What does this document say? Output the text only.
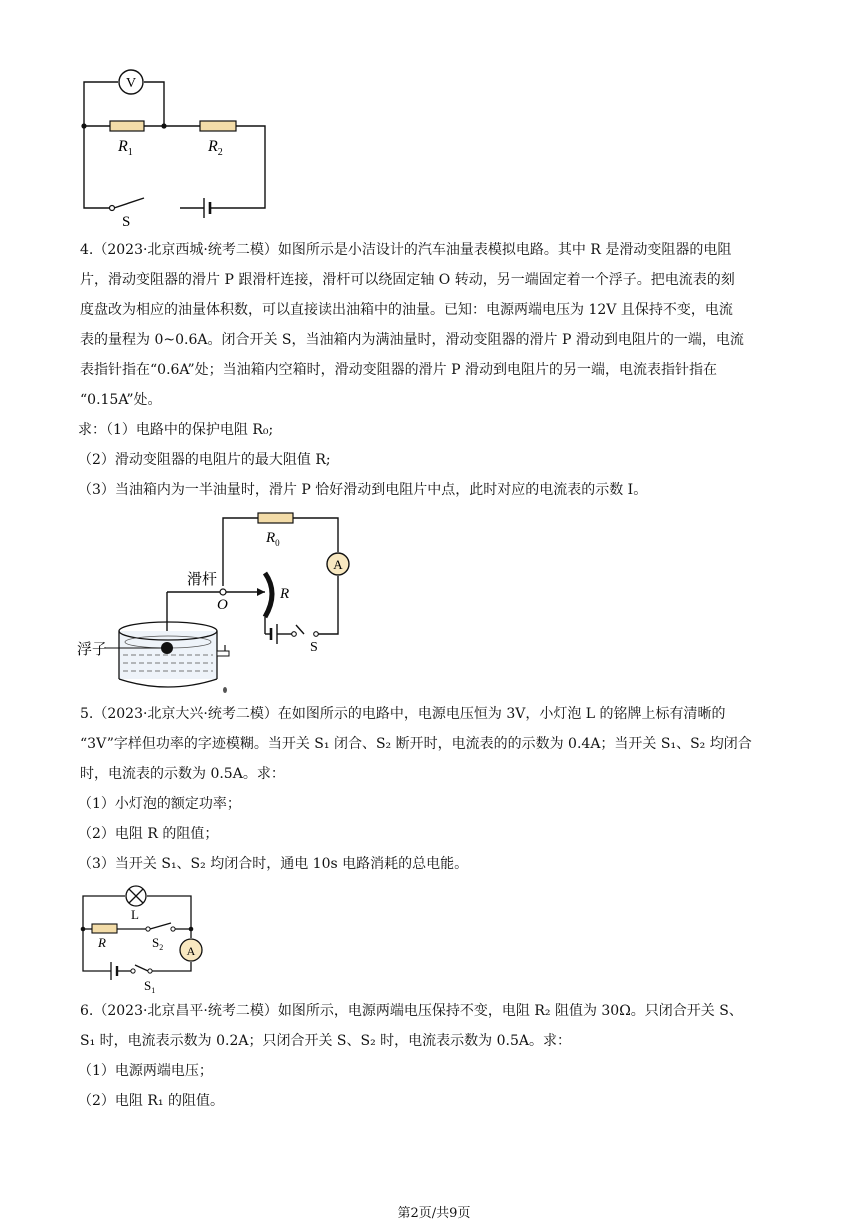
V
$R_1$	$R_2$
S
4.（2023·北京西城·统考二模）如图所示是小洁设计的汽车油量表模拟电路。其中 R 是滑动变阻器的电阻
片，滑动变阻器的滑片 P 跟滑杆连接，滑杆可以绕固定轴 O 转动，另一端固定着一个浮子。把电流表的刻
度盘改为相应的油量体积数，可以直接读出油箱中的油量。已知：电源两端电压为 12V 且保持不变，电流
表的量程为 0~0.6A。闭合开关 S，当油箱内为满油量时，滑动变阻器的滑片 P 滑动到电阻片的一端，电流
表指针指在“0.6A”处；当油箱内空箱时，滑动变阻器的滑片 P 滑动到电阻片的另一端，电流表指针指在
“0.15A”处。
求：（1）电路中的保护电阻 R₀;
（2）滑动变阻器的电阻片的最大阻值 R;
（3）当油箱内为一半油量时，滑片 P 恰好滑动到电阻片中点，此时对应的电流表的示数 I。
$R_0$
A
滑杆
O
R
S
浮子
5.（2023·北京大兴·统考二模）在如图所示的电路中，电源电压恒为 3V，小灯泡 L 的铭牌上标有清晰的
“3V”字样但功率的字迹模糊。当开关 S₁ 闭合、S₂ 断开时，电流表的的示数为 0.4A；当开关 S₁、S₂ 均闭合
时，电流表的示数为 0.5A。求：
（1）小灯泡的额定功率；
（2）电阻 R 的阻值；
（3）当开关 S₁、S₂ 均闭合时，通电 10s 电路消耗的总电能。
L
R	$S_2$ A
$S_1$
6.（2023·北京昌平·统考二模）如图所示，电源两端电压保持不变，电阻 R₂ 阻值为 30Ω。只闭合开关 S、
S₁ 时，电流表示数为 0.2A；只闭合开关 S、S₂ 时，电流表示数为 0.5A。求：
（1）电源两端电压；
（2）电阻 R₁ 的阻值。
第2页/共9页
